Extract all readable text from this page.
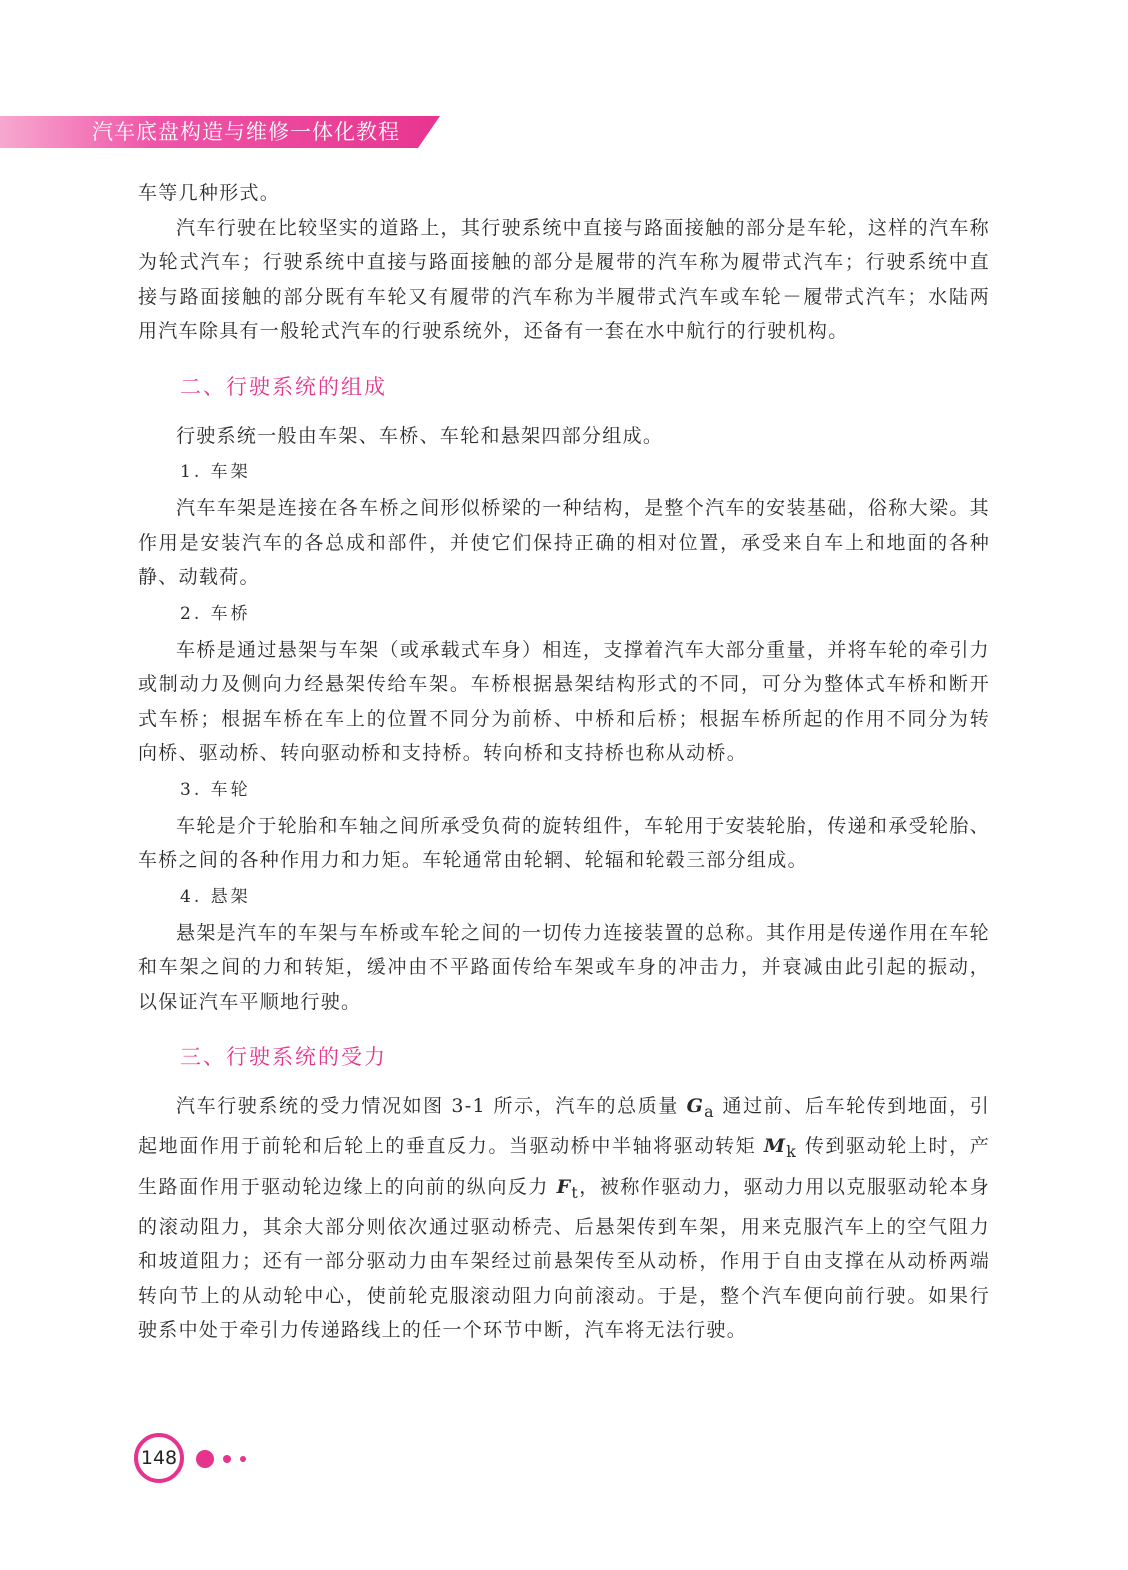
汽车底盘构造与维修一体化教程

车等几种形式。

汽车行驶在比较坚实的道路上，其行驶系统中直接与路面接触的部分是车轮，这样的汽车称为轮式汽车；行驶系统中直接与路面接触的部分是履带的汽车称为履带式汽车；行驶系统中直接与路面接触的部分既有车轮又有履带的汽车称为半履带式汽车或车轮－履带式汽车；水陆两用汽车除具有一般轮式汽车的行驶系统外，还备有一套在水中航行的行驶机构。

二、行驶系统的组成

行驶系统一般由车架、车桥、车轮和悬架四部分组成。

1. 车架

汽车车架是连接在各车桥之间形似桥梁的一种结构，是整个汽车的安装基础，俗称大梁。其作用是安装汽车的各总成和部件，并使它们保持正确的相对位置，承受来自车上和地面的各种静、动载荷。

2. 车桥

车桥是通过悬架与车架（或承载式车身）相连，支撑着汽车大部分重量，并将车轮的牵引力或制动力及侧向力经悬架传给车架。车桥根据悬架结构形式的不同，可分为整体式车桥和断开式车桥；根据车桥在车上的位置不同分为前桥、中桥和后桥；根据车桥所起的作用不同分为转向桥、驱动桥、转向驱动桥和支持桥。转向桥和支持桥也称从动桥。

3. 车轮

车轮是介于轮胎和车轴之间所承受负荷的旋转组件，车轮用于安装轮胎，传递和承受轮胎、车桥之间的各种作用力和力矩。车轮通常由轮辋、轮辐和轮毂三部分组成。

4. 悬架

悬架是汽车的车架与车桥或车轮之间的一切传力连接装置的总称。其作用是传递作用在车轮和车架之间的力和转矩，缓冲由不平路面传给车架或车身的冲击力，并衰减由此引起的振动，以保证汽车平顺地行驶。

三、行驶系统的受力

汽车行驶系统的受力情况如图 3-1 所示，汽车的总质量 $G_a$ 通过前、后车轮传到地面，引起地面作用于前轮和后轮上的垂直反力。当驱动桥中半轴将驱动转矩 $M_k$ 传到驱动轮上时，产生路面作用于驱动轮边缘上的向前的纵向反力 $F_t$，被称作驱动力，驱动力用以克服驱动轮本身的滚动阻力，其余大部分则依次通过驱动桥壳、后悬架传到车架，用来克服汽车上的空气阻力和坡道阻力；还有一部分驱动力由车架经过前悬架传至从动桥，作用于自由支撑在从动桥两端转向节上的从动轮中心，使前轮克服滚动阻力向前滚动。于是，整个汽车便向前行驶。如果行驶系中处于牵引力传递路线上的任一个环节中断，汽车将无法行驶。

148
